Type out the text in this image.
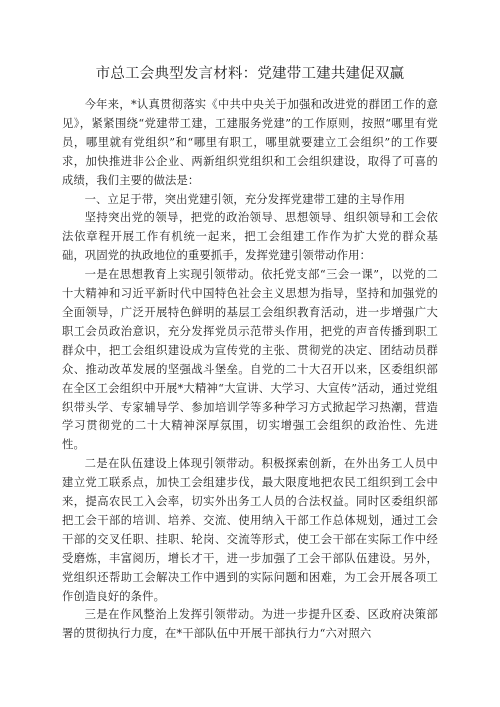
市总工会典型发言材料：党建带工建共建促双赢

今年来，*认真贯彻落实《中共中央关于加强和改进党的群团工作的意见》，紧紧围绕“党建带工建，工建服务党建”的工作原则，按照“哪里有党员，哪里就有党组织”和“哪里有职工，哪里就要建立工会组织”的工作要求，加快推进非公企业、两新组织党组织和工会组织建设，取得了可喜的成绩，我们主要的做法是：

一、立足于带，突出党建引领，充分发挥党建带工建的主导作用

坚持突出党的领导，把党的政治领导、思想领导、组织领导和工会依法依章程开展工作有机统一起来，把工会组建工作作为扩大党的群众基础，巩固党的执政地位的重要抓手，发挥党建引领带动作用：

一是在思想教育上实现引领带动。依托党支部“三会一课”，以党的二十大精神和习近平新时代中国特色社会主义思想为指导，坚持和加强党的全面领导，广泛开展特色鲜明的基层工会组织教育活动，进一步增强广大职工会员政治意识，充分发挥党员示范带头作用，把党的声音传播到职工群众中，把工会组织建设成为宣传党的主张、贯彻党的决定、团结动员群众、推动改革发展的坚强战斗堡垒。自党的二十大召开以来，区委组织部在全区工会组织中开展*大精神“大宣讲、大学习、大宣传”活动，通过党组织带头学、专家辅导学、参加培训学等多种学习方式掀起学习热潮，营造学习贯彻党的二十大精神深厚氛围，切实增强工会组织的政治性、先进性。

二是在队伍建设上体现引领带动。积极探索创新，在外出务工人员中建立党工联系点，加快工会组建步伐，最大限度地把农民工组织到工会中来，提高农民工入会率，切实外出务工人员的合法权益。同时区委组织部把工会干部的培训、培养、交流、使用纳入干部工作总体规划，通过工会干部的交叉任职、挂职、轮岗、交流等形式，使工会干部在实际工作中经受磨炼，丰富阅历，增长才干，进一步加强了工会干部队伍建设。另外，党组织还帮助工会解决工作中遇到的实际问题和困难，为工会开展各项工作创造良好的条件。

三是在作风整治上发挥引领带动。为进一步提升区委、区政府决策部署的贯彻执行力度，在*干部队伍中开展干部执行力“六对照六
